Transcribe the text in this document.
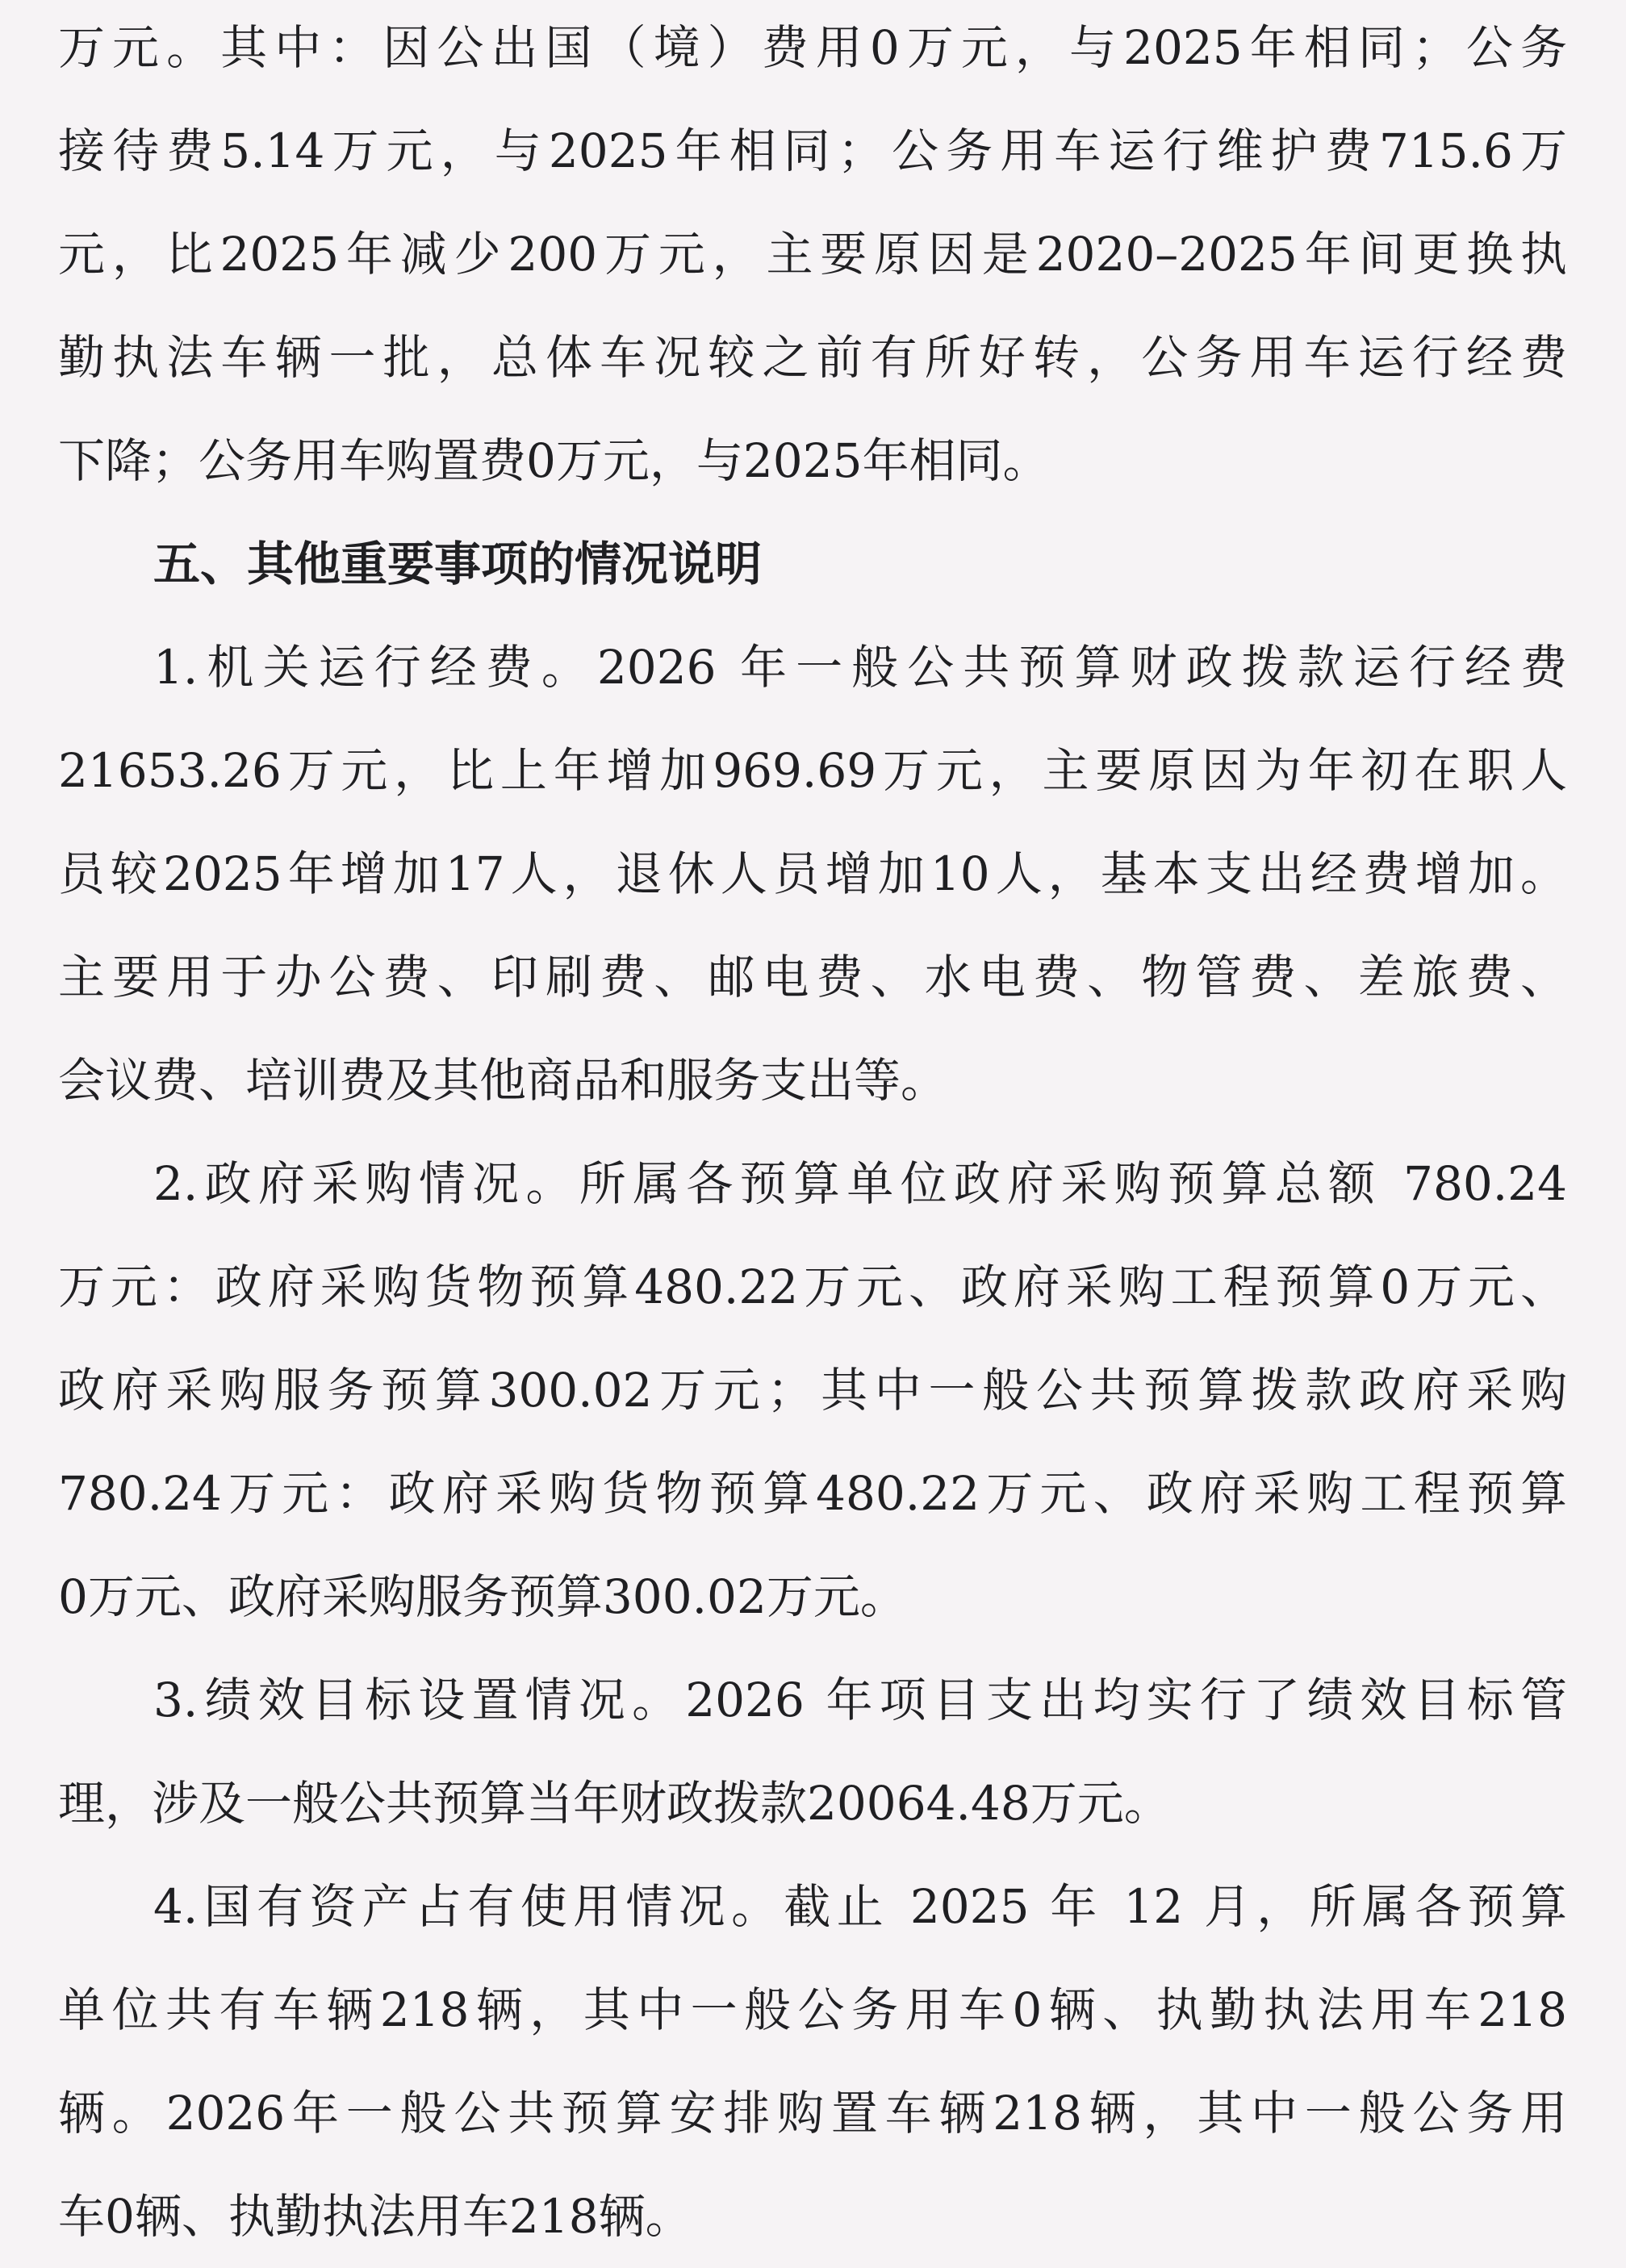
万元。其中：因公出国（境）费用0万元，与2025年相同；公务
接待费5.14万元，与2025年相同；公务用车运行维护费715.6万
元，比2025年减少200万元，主要原因是2020–2025年间更换执
勤执法车辆一批，总体车况较之前有所好转，公务用车运行经费
下降；公务用车购置费0万元，与2025年相同。
五、其他重要事项的情况说明
1.机关运行经费。2026 年一般公共预算财政拨款运行经费
21653.26万元，比上年增加969.69万元，主要原因为年初在职人
员较2025年增加17人，退休人员增加10人，基本支出经费增加。
主要用于办公费、印刷费、邮电费、水电费、物管费、差旅费、
会议费、培训费及其他商品和服务支出等。
2.政府采购情况。所属各预算单位政府采购预算总额 780.24
万元：政府采购货物预算480.22万元、政府采购工程预算0万元、
政府采购服务预算300.02万元；其中一般公共预算拨款政府采购
780.24万元：政府采购货物预算480.22万元、政府采购工程预算
0万元、政府采购服务预算300.02万元。
3.绩效目标设置情况。2026 年项目支出均实行了绩效目标管
理，涉及一般公共预算当年财政拨款20064.48万元。
4.国有资产占有使用情况。截止 2025 年 12 月，所属各预算
单位共有车辆218辆，其中一般公务用车0辆、执勤执法用车218
辆。2026年一般公共预算安排购置车辆218辆，其中一般公务用
车0辆、执勤执法用车218辆。
